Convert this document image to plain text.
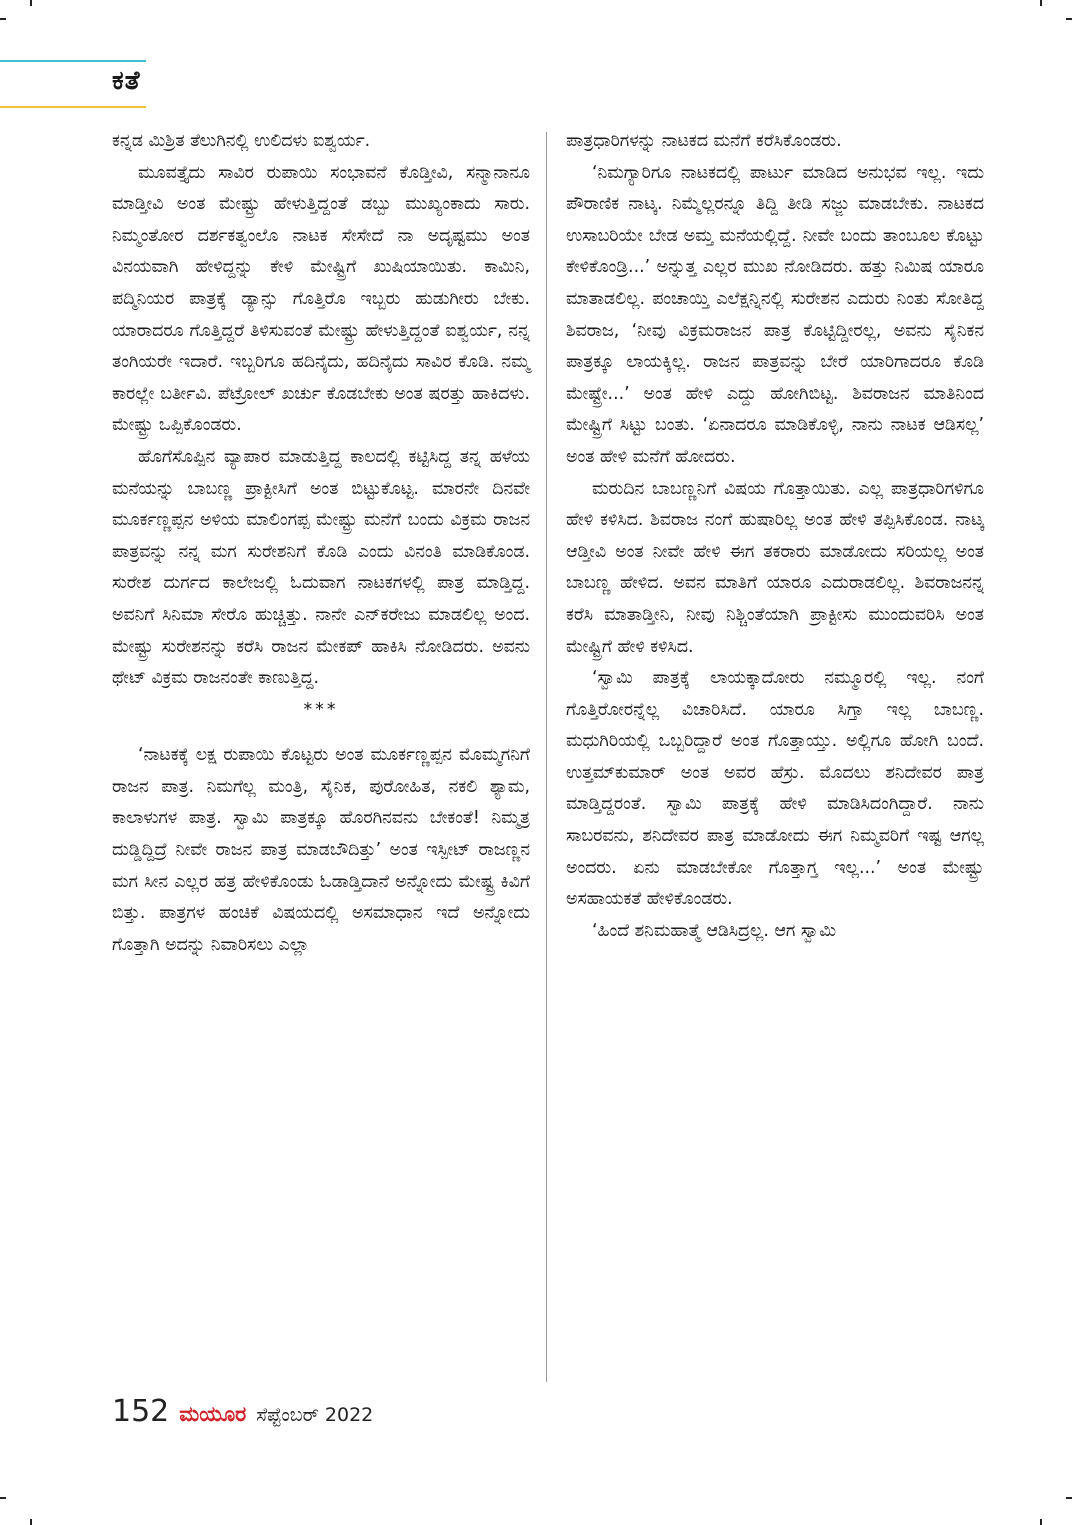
ಕತೆ

ಕನ್ನಡ ಮಿಶ್ರಿತ ತೆಲುಗಿನಲ್ಲಿ ಉಲಿದಳು ಐಶ್ವರ್ಯ.

ಮೂವತ್ತೈದು ಸಾವಿರ ರುಪಾಯಿ ಸಂಭಾವನೆ ಕೊಡ್ತೀವಿ, ಸನ್ಮಾನಾನೂ ಮಾಡ್ತೀವಿ ಅಂತ ಮೇಷ್ಟ್ರು ಹೇಳುತ್ತಿದ್ದಂತೆ ಡಬ್ಬು ಮುಖ್ಯಂಕಾದು ಸಾರು. ನಿಮ್ಮಂತೋರ ದರ್ಶಕತ್ವಂಲೊ ನಾಟಕ ಸೇಸೇದೆ ನಾ ಅದೃಷ್ಟಮು ಅಂತ ವಿನಯವಾಗಿ ಹೇಳಿದ್ದನ್ನು ಕೇಳಿ ಮೇಷ್ಟ್ರಿಗೆ ಖುಷಿಯಾಯಿತು. ಕಾಮಿನಿ, ಪದ್ಮಿನಿಯರ ಪಾತ್ರಕ್ಕೆ ಡ್ಯಾನ್ಸು ಗೊತ್ತಿರೊ ಇಬ್ಬರು ಹುಡುಗೀರು ಬೇಕು. ಯಾರಾದರೂ ಗೊತ್ತಿದ್ದರೆ ತಿಳಿಸುವಂತೆ ಮೇಷ್ಟ್ರು ಹೇಳುತ್ತಿದ್ದಂತೆ ಐಶ್ವರ್ಯ, ನನ್ನ ತಂಗಿಯರೇ ಇದಾರೆ. ಇಬ್ಬರಿಗೂ ಹದಿನೈದು, ಹದಿನೈದು ಸಾವಿರ ಕೊಡಿ. ನಮ್ಮ ಕಾರಲ್ಲೇ ಬರ್ತೀವಿ. ಪೆಟ್ರೋಲ್ ಖರ್ಚು ಕೊಡಬೇಕು ಅಂತ ಷರತ್ತು ಹಾಕಿದಳು. ಮೇಷ್ಟ್ರು ಒಪ್ಪಿಕೊಂಡರು.

ಹೊಗೆಸೊಪ್ಪಿನ ವ್ಯಾಪಾರ ಮಾಡುತ್ತಿದ್ದ ಕಾಲದಲ್ಲಿ ಕಟ್ಟಿಸಿದ್ದ ತನ್ನ ಹಳೆಯ ಮನೆಯನ್ನು ಬಾಬಣ್ಣ ಪ್ರಾಕ್ಟೀಸಿಗೆ ಅಂತ ಬಿಟ್ಟುಕೊಟ್ಟ. ಮಾರನೇ ದಿನವೇ ಮೂರ್ಕಣ್ಣಪ್ಪನ ಅಳಿಯ ಮಾಲಿಂಗಪ್ಪ ಮೇಷ್ಟ್ರು ಮನೆಗೆ ಬಂದು ವಿಕ್ರಮ ರಾಜನ ಪಾತ್ರವನ್ನು ನನ್ನ ಮಗ ಸುರೇಶನಿಗೆ ಕೊಡಿ ಎಂದು ವಿನಂತಿ ಮಾಡಿಕೊಂಡ. ಸುರೇಶ ದುರ್ಗದ ಕಾಲೇಜಲ್ಲಿ ಓದುವಾಗ ನಾಟಕಗಳಲ್ಲಿ ಪಾತ್ರ ಮಾಡ್ತಿದ್ದ. ಅವನಿಗೆ ಸಿನಿಮಾ ಸೇರೊ ಹುಚ್ಚಿತ್ತು. ನಾನೇ ಎನ್‌ಕರೇಜು ಮಾಡಲಿಲ್ಲ ಅಂದ. ಮೇಷ್ಟ್ರು ಸುರೇಶನನ್ನು ಕರೆಸಿ ರಾಜನ ಮೇಕಪ್ ಹಾಕಿಸಿ ನೋಡಿದರು. ಅವನು ಥೇಟ್ ವಿಕ್ರಮ ರಾಜನಂತೇ ಕಾಣುತ್ತಿದ್ದ.

***

‘ನಾಟಕಕ್ಕೆ ಲಕ್ಷ ರುಪಾಯಿ ಕೊಟ್ಟರು ಅಂತ ಮೂರ್ಕಣ್ಣಪ್ಪನ ಮೊಮ್ಮಗನಿಗೆ ರಾಜನ ಪಾತ್ರ. ನಿಮಗೆಲ್ಲ ಮಂತ್ರಿ, ಸೈನಿಕ, ಪುರೋಹಿತ, ನಕಲಿ ಶ್ಯಾಮ, ಕಾಲಾಳುಗಳ ಪಾತ್ರ. ಸ್ವಾಮಿ ಪಾತ್ರಕ್ಕೂ ಹೊರಗಿನವನು ಬೇಕಂತೆ! ನಿಮ್ಮತ್ರ ದುಡ್ಡಿದ್ದಿದ್ರೆ ನೀವೇ ರಾಜನ ಪಾತ್ರ ಮಾಡಬೌದಿತ್ತು’ ಅಂತ ಇಸ್ಪೀಟ್ ರಾಜಣ್ಣನ ಮಗ ಸೀನ ಎಲ್ಲರ ಹತ್ರ ಹೇಳಿಕೊಂಡು ಓಡಾಡ್ತಿದಾನೆ ಅನ್ನೋದು ಮೇಷ್ಟ್ರ ಕಿವಿಗೆ ಬಿತ್ತು. ಪಾತ್ರಗಳ ಹಂಚಿಕೆ ವಿಷಯದಲ್ಲಿ ಅಸಮಾಧಾನ ಇದೆ ಅನ್ನೋದು ಗೊತ್ತಾಗಿ ಅದನ್ನು ನಿವಾರಿಸಲು ಎಲ್ಲಾ

ಪಾತ್ರಧಾರಿಗಳನ್ನು ನಾಟಕದ ಮನೆಗೆ ಕರೆಸಿಕೊಂಡರು.

‘ನಿಮಗ್ಯಾರಿಗೂ ನಾಟಕದಲ್ಲಿ ಪಾರ್ಟು ಮಾಡಿದ ಅನುಭವ ಇಲ್ಲ. ಇದು ಪೌರಾಣಿಕ ನಾಟ್ಕ. ನಿಮ್ಮೆಲ್ಲರನ್ನೂ ತಿದ್ದಿ ತೀಡಿ ಸಜ್ಜು ಮಾಡಬೇಕು. ನಾಟಕದ ಉಸಾಬರಿಯೇ ಬೇಡ ಅಮ್ತ ಮನೆಯಲ್ಲಿದ್ದೆ. ನೀವೇ ಬಂದು ತಾಂಬೂಲ ಕೊಟ್ಟು ಕೇಳಿಕೊಂಡ್ರಿ...’ ಅನ್ನುತ್ತ ಎಲ್ಲರ ಮುಖ ನೋಡಿದರು. ಹತ್ತು ನಿಮಿಷ ಯಾರೂ ಮಾತಾಡಲಿಲ್ಲ. ಪಂಚಾಯ್ತಿ ಎಲೆಕ್ಷನ್ನಿನಲ್ಲಿ ಸುರೇಶನ ಎದುರು ನಿಂತು ಸೋತಿದ್ದ ಶಿವರಾಜ, ‘ನೀವು ವಿಕ್ರಮರಾಜನ ಪಾತ್ರ ಕೊಟ್ಟಿದ್ದೀರಲ್ಲ, ಅವನು ಸೈನಿಕನ ಪಾತ್ರಕ್ಕೂ ಲಾಯಕ್ಕಿಲ್ಲ. ರಾಜನ ಪಾತ್ರವನ್ನು ಬೇರೆ ಯಾರಿಗಾದರೂ ಕೊಡಿ ಮೇಷ್ಟ್ರೇ...’ ಅಂತ ಹೇಳಿ ಎದ್ದು ಹೋಗಿಬಿಟ್ಟ. ಶಿವರಾಜನ ಮಾತಿನಿಂದ ಮೇಷ್ಟ್ರಿಗೆ ಸಿಟ್ಟು ಬಂತು. ‘ಏನಾದರೂ ಮಾಡಿಕೊಳ್ಳಿ, ನಾನು ನಾಟಕ ಆಡಿಸಲ್ಲ’ ಅಂತ ಹೇಳಿ ಮನೆಗೆ ಹೋದರು.

ಮರುದಿನ ಬಾಬಣ್ಣನಿಗೆ ವಿಷಯ ಗೊತ್ತಾಯಿತು. ಎಲ್ಲ ಪಾತ್ರಧಾರಿಗಳಿಗೂ ಹೇಳಿ ಕಳಿಸಿದ. ಶಿವರಾಜ ನಂಗೆ ಹುಷಾರಿಲ್ಲ ಅಂತ ಹೇಳಿ ತಪ್ಪಿಸಿಕೊಂಡ. ನಾಟ್ಕ ಆಡ್ತೀವಿ ಅಂತ ನೀವೇ ಹೇಳಿ ಈಗ ತಕರಾರು ಮಾಡೋದು ಸರಿಯಲ್ಲ ಅಂತ ಬಾಬಣ್ಣ ಹೇಳಿದ. ಅವನ ಮಾತಿಗೆ ಯಾರೂ ಎದುರಾಡಲಿಲ್ಲ. ಶಿವರಾಜನನ್ನ ಕರೆಸಿ ಮಾತಾಡ್ತೀನಿ, ನೀವು ನಿಶ್ಚಿಂತೆಯಾಗಿ ಪ್ರಾಕ್ಟೀಸು ಮುಂದುವರಿಸಿ ಅಂತ ಮೇಷ್ಟ್ರಿಗೆ ಹೇಳಿ ಕಳಿಸಿದ.

‘ಸ್ವಾಮಿ ಪಾತ್ರಕ್ಕೆ ಲಾಯಕ್ಕಾದೋರು ನಮ್ಮೂರಲ್ಲಿ ಇಲ್ಲ. ನಂಗೆ ಗೊತ್ತಿರೋರನ್ನೆಲ್ಲ ವಿಚಾರಿಸಿದೆ. ಯಾರೂ ಸಿಗ್ತಾ ಇಲ್ಲ ಬಾಬಣ್ಣ. ಮಧುಗಿರಿಯಲ್ಲಿ ಒಬ್ಬರಿದ್ದಾರೆ ಅಂತ ಗೊತ್ತಾಯ್ತು. ಅಲ್ಲಿಗೂ ಹೋಗಿ ಬಂದೆ. ಉತ್ತಮ್‌ಕುಮಾರ್ ಅಂತ ಅವರ ಹೆಸ್ರು. ಮೊದಲು ಶನಿದೇವರ ಪಾತ್ರ ಮಾಡ್ತಿದ್ದರಂತೆ. ಸ್ವಾಮಿ ಪಾತ್ರಕ್ಕೆ ಹೇಳಿ ಮಾಡಿಸಿದಂಗಿದ್ದಾರೆ. ನಾನು ಸಾಬರವನು, ಶನಿದೇವರ ಪಾತ್ರ ಮಾಡೋದು ಈಗ ನಿಮ್ಮವರಿಗೆ ಇಷ್ಟ ಆಗಲ್ಲ ಅಂದರು. ಏನು ಮಾಡಬೇಕೋ ಗೊತ್ತಾಗ್ತ ಇಲ್ಲ...’ ಅಂತ ಮೇಷ್ಟ್ರು ಅಸಹಾಯಕತೆ ಹೇಳಿಕೊಂಡರು.

‘ಹಿಂದೆ ಶನಿಮಹಾತ್ಮೆ ಆಡಿಸಿದ್ರಲ್ಲ. ಆಗ ಸ್ವಾಮಿ

152 ಮಯೂರ ಸೆಪ್ಟೆಂಬರ್ 2022
